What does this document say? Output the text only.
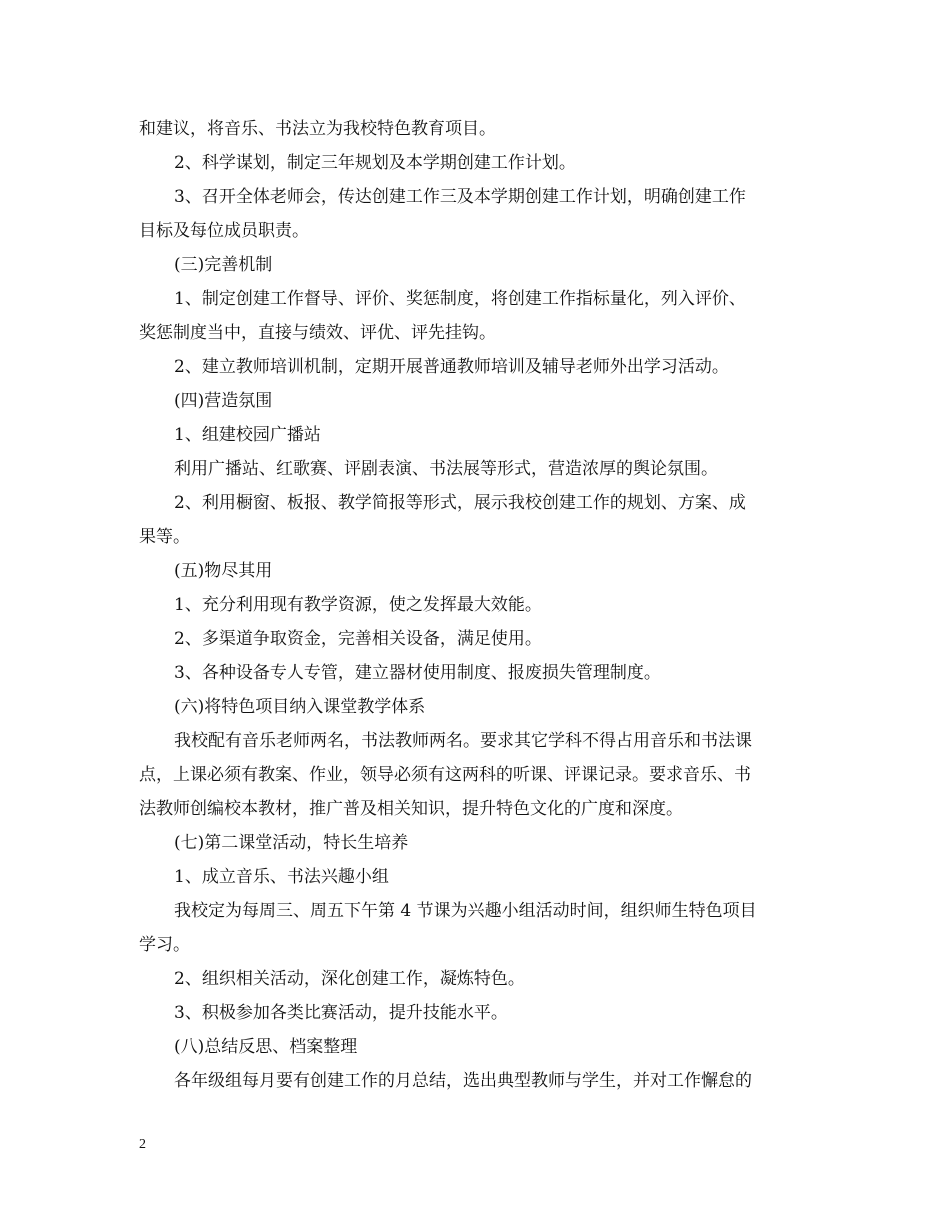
和建议，将音乐、书法立为我校特色教育项目。
2、科学谋划，制定三年规划及本学期创建工作计划。
3、召开全体老师会，传达创建工作三及本学期创建工作计划，明确创建工作
目标及每位成员职责。
(三)完善机制
1、制定创建工作督导、评价、奖惩制度，将创建工作指标量化，列入评价、
奖惩制度当中，直接与绩效、评优、评先挂钩。
2、建立教师培训机制，定期开展普通教师培训及辅导老师外出学习活动。
(四)营造氛围
1、组建校园广播站
利用广播站、红歌赛、评剧表演、书法展等形式，营造浓厚的舆论氛围。
2、利用橱窗、板报、教学简报等形式，展示我校创建工作的规划、方案、成
果等。
(五)物尽其用
1、充分利用现有教学资源，使之发挥最大效能。
2、多渠道争取资金，完善相关设备，满足使用。
3、各种设备专人专管，建立器材使用制度、报废损失管理制度。
(六)将特色项目纳入课堂教学体系
我校配有音乐老师两名，书法教师两名。要求其它学科不得占用音乐和书法课
点，上课必须有教案、作业，领导必须有这两科的听课、评课记录。要求音乐、书
法教师创编校本教材，推广普及相关知识，提升特色文化的广度和深度。
(七)第二课堂活动，特长生培养
1、成立音乐、书法兴趣小组
我校定为每周三、周五下午第 4 节课为兴趣小组活动时间，组织师生特色项目
学习。
2、组织相关活动，深化创建工作，凝炼特色。
3、积极参加各类比赛活动，提升技能水平。
(八)总结反思、档案整理
各年级组每月要有创建工作的月总结，选出典型教师与学生，并对工作懈怠的
2
